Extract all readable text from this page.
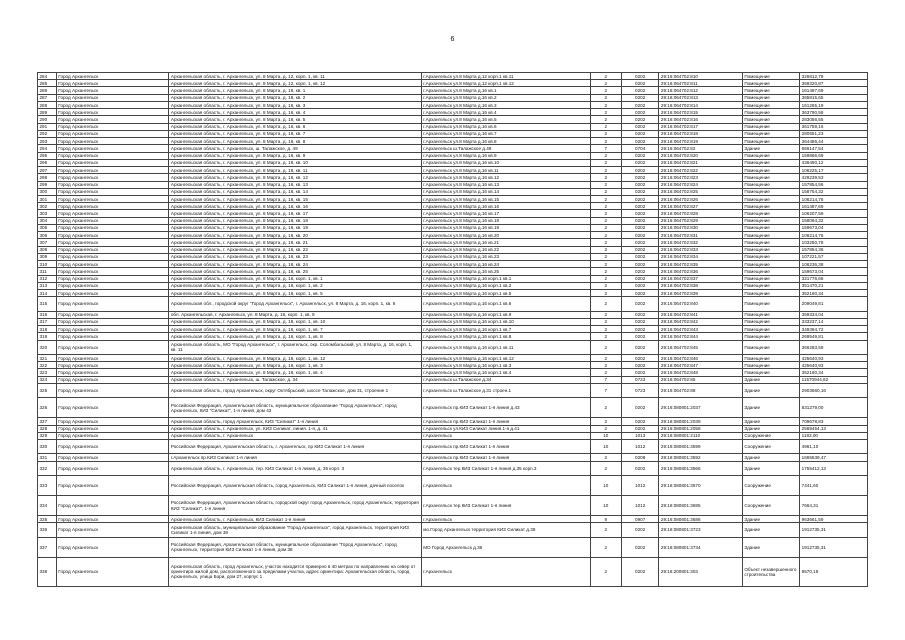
6
284	Город Архангельск	Архангельская область, г. Архангельск, ул. 8 Марта, д. 12, корп. 1, кв. 11	г.Архангельск ул.8 Марта д.12 корп.1 кв.11	2	0202	29:16:064702:810	Помещение	326812,78
285	Город Архангельск	Архангельская область, г. Архангельск, ул. 8 Марта, д. 12, корп. 1, кв. 12	г.Архангельск ул.8 Марта д.12 корп.1 кв.12	2	0202	29:16:064702:811	Помещение	369320,87
286	Город Архангельск	Архангельская область, г. Архангельск, ул. 8 Марта, д. 16, кв. 1	г.Архангельск ул.8 Марта д.16 кв.1	2	0202	29:16:064702:812	Помещение	161487,69
287	Город Архангельск	Архангельская область, г. Архангельск, ул. 8 Марта, д. 16, кв. 2	г.Архангельск ул.8 Марта д.16 кв.2	2	0202	29:16:064702:813	Помещение	365815,65
288	Город Архангельск	Архангельская область, г. Архангельск, ул. 8 Марта, д. 16, кв. 3	г.Архангельск ул.8 Марта д.16 кв.3	2	0202	29:16:064702:814	Помещение	161265,19
289	Город Архангельск	Архангельская область, г. Архангельск, ул. 8 Марта, д. 16, кв. 4	г.Архангельск ул.8 Марта д.16 кв.4	2	0202	29:16:064702:815	Помещение	363790,58
290	Город Архангельск	Архангельская область, г. Архангельск, ул. 8 Марта, д. 16, кв. 5	г.Архангельск ул.8 Марта д.16 кв.5	2	0202	29:16:064702:816	Помещение	283056,55
291	Город Архангельск	Архангельская область, г. Архангельск, ул. 8 Марта, д. 16, кв. 6	г.Архангельск ул.8 Марта д.16 кв.6	2	0202	29:16:064702:817	Помещение	361759,16
292	Город Архангельск	Архангельская область, г. Архангельск, ул. 8 Марта, д. 16, кв. 7	г.Архангельск ул.8 Марта д.16 кв.7	2	0202	29:16:064702:818	Помещение	280551,23
293	Город Архангельск	Архангельская область, г. Архангельск, ул. 8 Марта, д. 16, кв. 8	г.Архангельск ул.8 Марта д.16 кв.8	2	0202	29:16:064702:819	Помещение	364486,44
294	Город Архангельск	Архангельская область, г. Архангельск, ш. Талажское, д. 49	г.Архангельск ш.Талажское д.49	7	0704	29:16:064702:82	Здание	666147,54
295	Город Архангельск	Архангельская область, г. Архангельск, ул. 8 Марта, д. 16, кв. 9	г.Архангельск ул.8 Марта д.16 кв.9	2	0202	29:16:064702:820	Помещение	159866,69
296	Город Архангельск	Архангельская область, г. Архангельск, ул. 8 Марта, д. 16, кв. 10	г.Архангельск ул.8 Марта д.16 кв.10	2	0202	29:16:064702:821	Помещение	436450,12
297	Город Архангельск	Архангельская область, г. Архангельск, ул. 8 Марта, д. 16, кв. 11	г.Архангельск ул.8 Марта д.16 кв.11	2	0202	29:16:064702:822	Помещение	106225,17
298	Город Архангельск	Архангельская область, г. Архангельск, ул. 8 Марта, д. 16, кв. 12	г.Архангельск ул.8 Марта д.16 кв.12	2	0202	29:16:064702:823	Помещение	429239,53
299	Город Архангельск	Архангельская область, г. Архангельск, ул. 8 Марта, д. 16, кв. 13	г.Архангельск ул.8 Марта д.16 кв.13	2	0202	29:16:064702:824	Помещение	157854,56
300	Город Архангельск	Архангельская область, г. Архангельск, ул. 8 Марта, д. 16, кв. 14	г.Архангельск ул.8 Марта д.16 кв.14	2	0202	29:16:064702:825	Помещение	158754,32
301	Город Архангельск	Архангельская область, г. Архангельск, ул. 8 Марта, д. 16, кв. 15	г.Архангельск ул.8 Марта д.16 кв.15	2	0202	29:16:064702:826	Помещение	106214,76
302	Город Архангельск	Архангельская область, г. Архангельск, ул. 8 Марта, д. 16, кв. 16	г.Архангельск ул.8 Марта д.16 кв.16	2	0202	29:16:064702:827	Помещение	161487,69
303	Город Архангельск	Архангельская область, г. Архангельск, ул. 8 Марта, д. 16, кв. 17	г.Архангельск ул.8 Марта д.16 кв.17	2	0202	29:16:064702:828	Помещение	106207,59
304	Город Архангельск	Архангельская область, г. Архангельск, ул. 8 Марта, д. 16, кв. 18	г.Архангельск ул.8 Марта д.16 кв.18	2	0202	29:16:064702:829	Помещение	158064,32
305	Город Архангельск	Архангельская область, г. Архангельск, ул. 8 Марта, д. 16, кв. 19	г.Архангельск ул.8 Марта д.16 кв.19	2	0202	29:16:064702:830	Помещение	159673,04
306	Город Архангельск	Архангельская область, г. Архангельск, ул. 8 Марта, д. 16, кв. 20	г.Архангельск ул.8 Марта д.16 кв.20	2	0202	29:16:064702:831	Помещение	106214,76
307	Город Архангельск	Архангельская область, г. Архангельск, ул. 8 Марта, д. 16, кв. 21	г.Архангельск ул.8 Марта д.16 кв.21	2	0202	29:16:064702:832	Помещение	103250,78
308	Город Архангельск	Архангельская область, г. Архангельск, ул. 8 Марта, д. 16, кв. 22	г.Архангельск ул.8 Марта д.16 кв.22	2	0202	29:16:064702:833	Помещение	157854,36
309	Город Архангельск	Архангельская область, г. Архангельск, ул. 8 Марта, д. 16, кв. 23	г.Архангельск ул.8 Марта д.16 кв.23	2	0202	29:16:064702:834	Помещение	107221,57
310	Город Архангельск	Архангельская область, г. Архангельск, ул. 8 Марта, д. 16, кв. 24	г.Архангельск ул.8 Марта д.16 кв.24	2	0202	29:16:064702:835	Помещение	106236,38
311	Город Архангельск	Архангельская область, г. Архангельск, ул. 8 Марта, д. 16, кв. 25	г.Архангельск ул.8 Марта д.16 кв.25	2	0202	29:16:064702:836	Помещение	159673,04
312	Город Архангельск	Архангельская область, г. Архангельск, ул. 8 Марта, д. 16, корп. 1, кв. 1	г.Архангельск ул.8 Марта д.16 корп.1 кв.1	2	0202	29:16:064702:837	Помещение	321776,68
313	Город Архангельск	Архангельская область, г. Архангельск, ул. 8 Марта, д. 16, корп. 1, кв. 2	г.Архангельск ул.8 Марта д.16 корп.1 кв.2	2	0202	29:16:064702:838	Помещение	351470,21
314	Город Архангельск	Архангельская область, г. Архангельск, ул. 8 Марта, д. 16, корп. 1, кв. 5	г.Архангельск ул.8 Марта д.16 корп.1 кв.5	2	0202	29:16:064702:839	Помещение	352160,34
315	Город Архангельск	Архангельская обл., городской округ "Город Архангельск", г. Архангельск, ул. 8 Марта, д. 16, корп. 1, кв. 6	г.Архангельск ул.8 Марта д.16 корп.1 кв.6	2	0202	29:16:064702:840	Помещение	209049,81
316	Город Архангельск	обл. Архангельская, г. Архангельск, ул. 8 Марта, д. 16, корп. 1, кв. 9	г.Архангельск ул.8 Марта д.16 корп.1 кв.9	2	0202	29:16:064702:841	Помещение	359334,04
317	Город Архангельск	Архангельская область, г. Архангельск, ул. 8 Марта, д. 16, корп. 1, кв. 10	г.Архангельск ул.8 Марта д.16 корп.1 кв.10	2	0202	29:16:064702:842	Помещение	333237,14
318	Город Архангельск	Архангельская область, г. Архангельск, ул. 8 Марта, д. 16, корп. 1, кв. 7	г.Архангельск ул.8 Марта д.16 корп.1 кв.7	2	0202	29:16:064702:843	Помещение	349394,72
319	Город Архангельск	Архангельская область, г. Архангельск, ул. 8 Марта, д. 16, корп. 1, кв. 8	г.Архангельск ул.8 Марта д.16 корп.1 кв.8	2	0202	29:16:064702:844	Помещение	269549,81
320	Город Архангельск	Архангельская область, МО "Город Архангельск", г. Архангельск, окр. Соломбальский, ул. 8 Марта, д. 16, корп. 1, кв. 11	г.Архангельск ул.8 Марта д.16 корп.1 кв.11	2	0202	29:16:064702:845	Помещение	366283,59
321	Город Архангельск	Архангельская область, г. Архангельск, ул. 8 Марта, д. 16, корп. 1, кв. 12	г.Архангельск ул.8 Марта д.16 корп.1 кв.12	2	0202	29:16:064702:846	Помещение	425640,93
322	Город Архангельск	Архангельская область, г. Архангельск, ул. 8 Марта, д. 16, корп. 1, кв. 3	г.Архангельск ул.8 Марта д.16 корп.1 кв.3	2	0202	29:16:064702:847	Помещение	425640,93
323	Город Архангельск	Архангельская область, г. Архангельск, ул. 8 Марта, д. 16, корп. 1, кв. 4	г.Архангельск ул.8 Марта д.16 корп.1 кв.4	2	0202	29:16:064702:848	Помещение	352160,34
324	Город Архангельск	Архангельская область, г. Архангельск, ш. Талажское, д. 34	г.Архангельск ш.Талажское д.34	7	0723	29:16:064702:85	Здание	11570944,82
325	Город Архангельск	Архангельская область, город Архангельск, округ Октябрьский, шоссе Талажское, дом 31, строение 1	г.Архангельск ш.Талажское д.31 строен.1	7	0723	29:16:064702:88	Здание	2903660,16
326	Город Архангельск	Российская Федерация, Архангельская область, муниципальное образование "Город Архангельск", город Архангельск, КИЗ "Силикат", 1-я линия, дом 43	г.Архангельск пр.КИЗ Силикат 1-я линия д.43	2	0202	29:16:080801:2037	Здание	831279,00
327	Город Архангельск	Архангельская область, город Архангельск, КИЗ "Силикат" 1-я линия	г.Архангельск пр.КИЗ Силикат 1-я линия	2	0202	29:16:080801:2039	Здание	709678,83
328	Город Архангельск	Архангельская область, г. Архангельск, ул. КИЗ Силикат, линия. 1-я, д. 41	г.Архангельск ул.КИЗ Силикат линия.1-я д.41	2	0202	29:16:080801:2058	Здание	2569454,13
329	Город Архангельск	Архангельская область, г. Архангельск	г.Архангельск	10	1013	29:16:080801:2110	Сооружение	1183,00
330	Город Архангельск	Российская Федерация, Архангельская область, г. Архангельск, пр КИЗ Силикат 1-я линия	г.Архангельск пр.КИЗ Силикат 1-я линия	10	1012	29:16:080801:3599	Сооружение	4961,10
331	Город Архангельск	г.Архангельск пр.КИЗ Силикат 1-я линия	г.Архангельск пр.КИЗ Силикат 1-я линия	2	0208	29:16:080801:3592	Здание	1665539,47
332	Город Архангельск	Архангельская область, г. Архангельск, тер. КИЗ Силикат 1-я линия, д. 35 корп. 3	г.Архангельск тер.КИЗ Силикат 1-я линия д.35 корп.3	2	0202	29:16:080801:3566	Здание	1755412,13
333	Город Архангельск	Российская Федерация, Архангельская область, город Архангельск, КИЗ Силикат 1-я линия, дачный поселок	г.Архангельск	10	1012	29:16:080801:3570	Сооружение	7441,60
334	Город Архангельск	Российская Федерация, Архангельская область, городской округ город Архангельск, город Архангельск, территория КИЗ "Силикат", 1-я линия	г.Архангельск тер.КИЗ Силикат 1-я линия	10	1012	29:16:080801:3685	Сооружение	7664,31
335	Город Архангельск	Архангельская область, г. Архангельск, КИЗ Силикат 1-я линия	г.Архангельск	9	0907	29:16:080801:3686	Здание	963661,59
336	Город Архангельск	Архангельская область, муниципальное образование "Город Архангельск", город Архангельск, территория КИЗ Силикат 1-я линия, дом 38	мо.Город Архангельск территория КИЗ Силикат д.38	2	0202	29:16:080801:3723	Здание	1912735,31
337	Город Архангельск	Российская Федерация, Архангельская область, муниципальное образование "Город Архангельск", город Архангельск, территория КИЗ Силикат 1-я линия, дом 38	МО Город Архангельск д.38	2	0202	29:16:080801:3734	Здание	1912735,31
338	Город Архангельск	Архангельская область, город Архангельск, участок находится примерно в 40 метрах по направлению на север от ориентира жилой дом, расположенного за пределами участка, адрес ориентира: Архангельская область, город Архангельск, улица Бори, дом 27, корпус 1	г.Архангельск	2	0202	29:16:200801:303	Объект незавершенного строительства	8570,19
